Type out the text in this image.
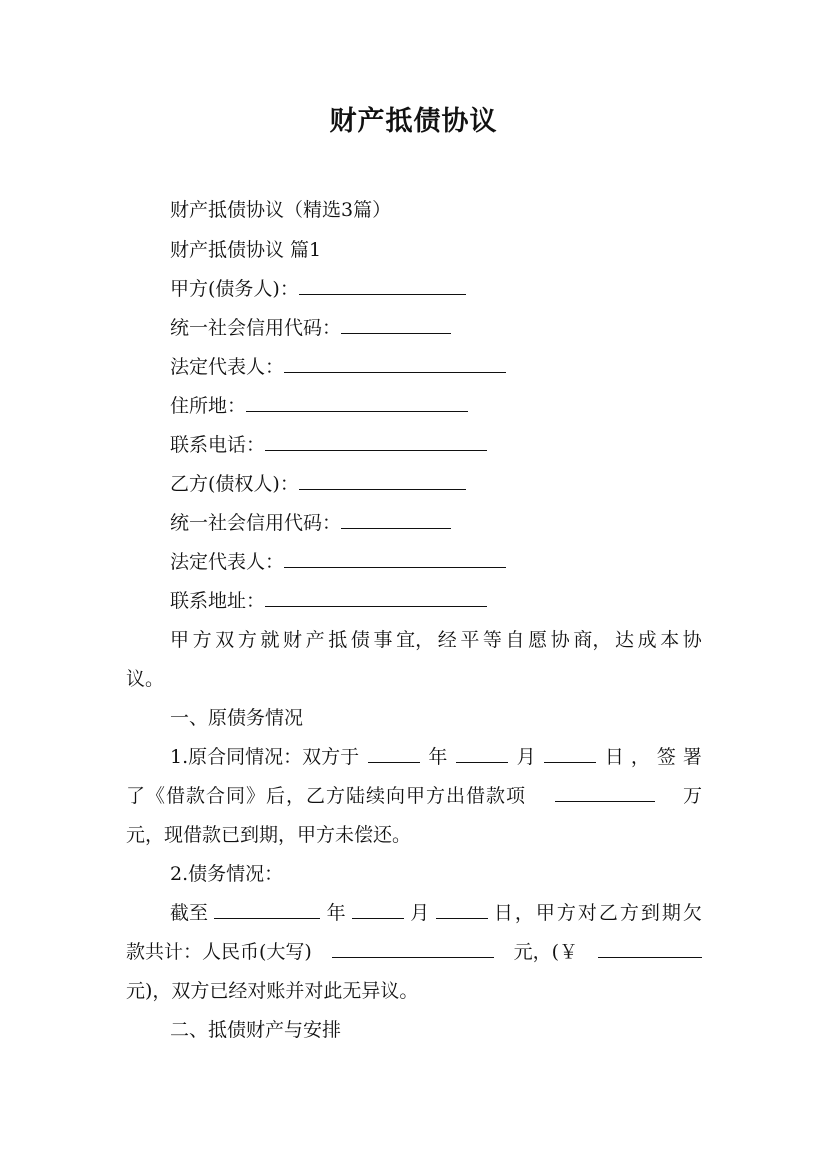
财产抵债协议
财产抵债协议（精选3篇）
财产抵债协议 篇1
甲方(债务人)：
统一社会信用代码：
法定代表人：
住所地：
联系电话：
乙方(债权人)：
统一社会信用代码：
法定代表人：
联系地址：
甲 方 双 方 就 财 产 抵 债 事 宜， 经 平 等 自 愿 协 商， 达 成 本 协
议。
一、原债务情况
1.原合同情况：双方于	年	月	日，签署
了《借款合同》后，乙方陆续向甲方出借款项	万
元，现借款已到期，甲方未偿还。
2.债务情况：
截至	年	月	日，甲方对乙方到期欠
款共计：人民币(大写)	元，(￥
元)，双方已经对账并对此无异议。
二、抵债财产与安排
